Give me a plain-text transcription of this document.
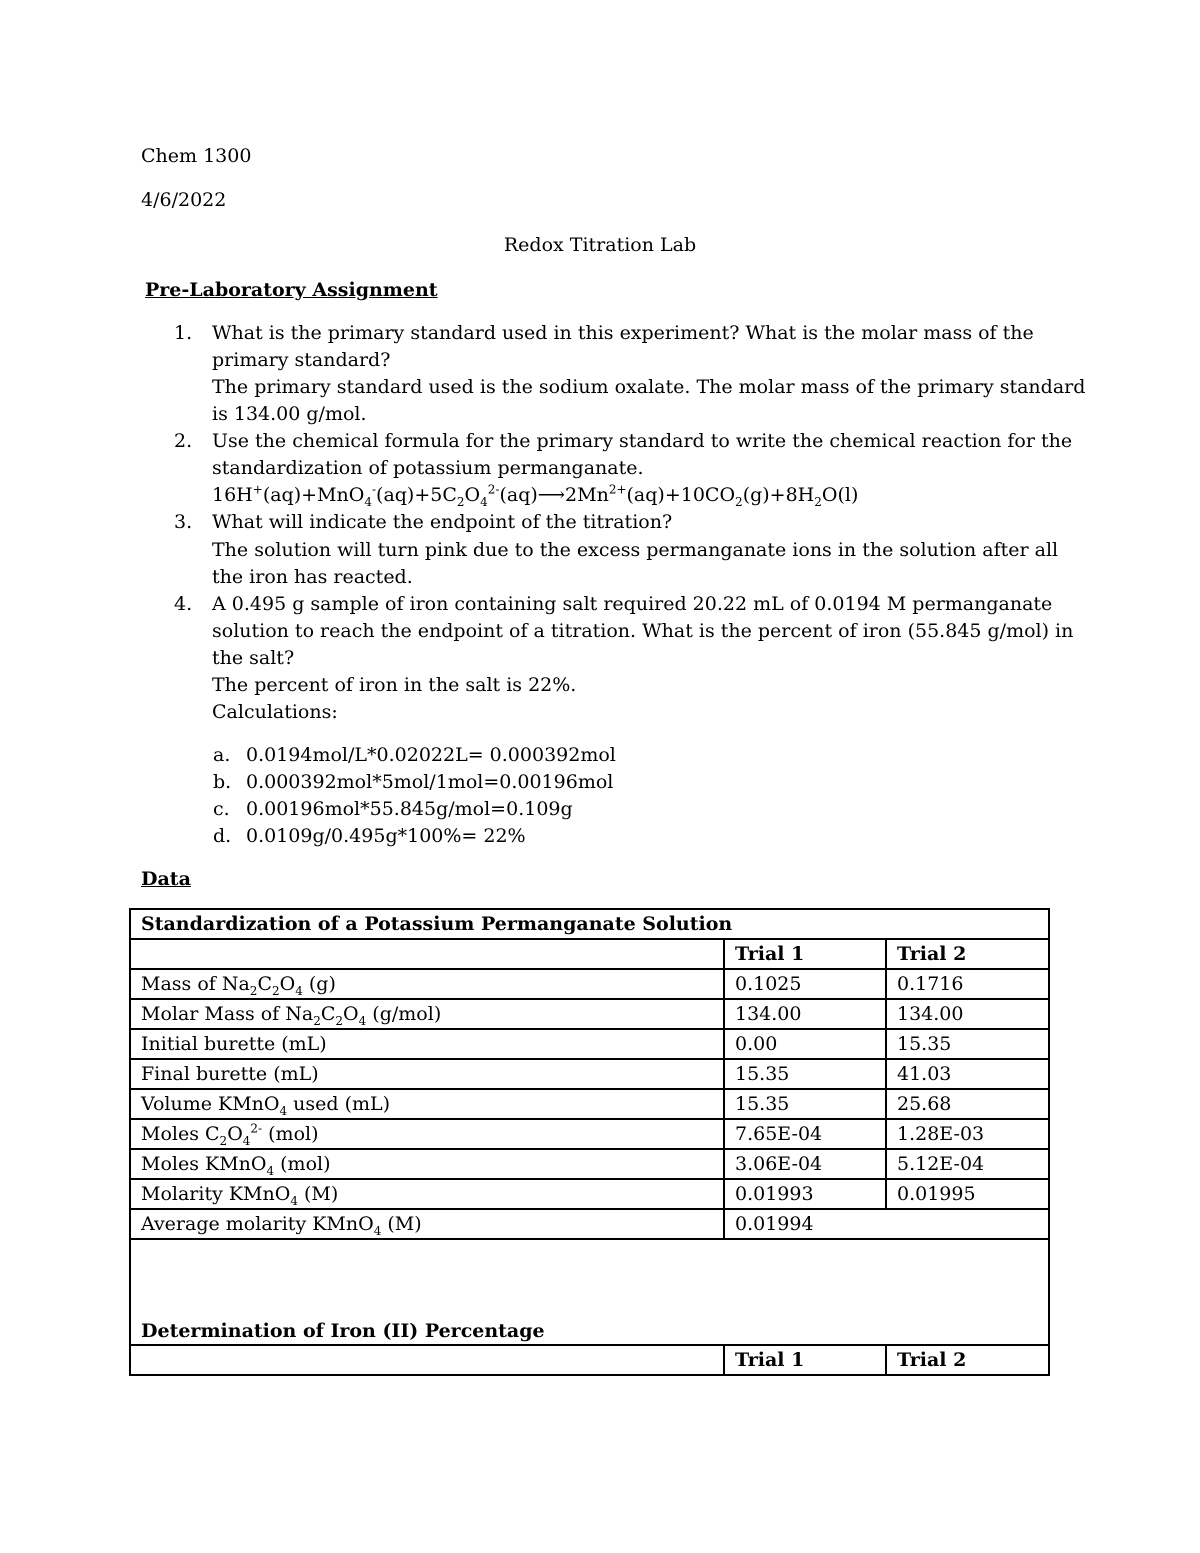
Chem 1300
4/6/2022
Redox Titration Lab
Pre-Laboratory Assignment
1. What is the primary standard used in this experiment? What is the molar mass of the
primary standard?
The primary standard used is the sodium oxalate. The molar mass of the primary standard
is 134.00 g/mol.
2. Use the chemical formula for the primary standard to write the chemical reaction for the
standardization of potassium permanganate.
$16H^+(aq)+MnO_4^-(aq)+5C_2O_4^{2-}(aq)⟶2Mn^{2+}(aq)+10CO_2(g)+8H_2O(l)$
3. What will indicate the endpoint of the titration?
The solution will turn pink due to the excess permanganate ions in the solution after all
the iron has reacted.
4. A 0.495 g sample of iron containing salt required 20.22 mL of 0.0194 M permanganate
solution to reach the endpoint of a titration. What is the percent of iron (55.845 g/mol) in
the salt?
The percent of iron in the salt is 22%.
Calculations:
a. 0.0194mol/L*0.02022L= 0.000392mol
b. 0.000392mol*5mol/1mol=0.00196mol
c. 0.00196mol*55.845g/mol=0.109g
d. 0.0109g/0.495g*100%= 22%
Data
Standardization of a Potassium Permanganate Solution		
	Trial 1	Trial 2
Mass of $Na_2C_2O_4$ (g)	0.1025	0.1716
Molar Mass of $Na_2C_2O_4$ (g/mol)	134.00	134.00
Initial burette (mL)	0.00	15.35
Final burette (mL)	15.35	41.03
Volume KMnO$_4$ used (mL)	15.35	25.68
Moles $C_2O_4^{2-}$ (mol)	7.65E-04	1.28E-03
Moles KMnO$_4$ (mol)	3.06E-04	5.12E-04
Molarity KMnO$_4$ (M)	0.01993	0.01995
Average molarity KMnO$_4$ (M)	0.01994	
Determination of Iron (II) Percentage		
	Trial 1	Trial 2
